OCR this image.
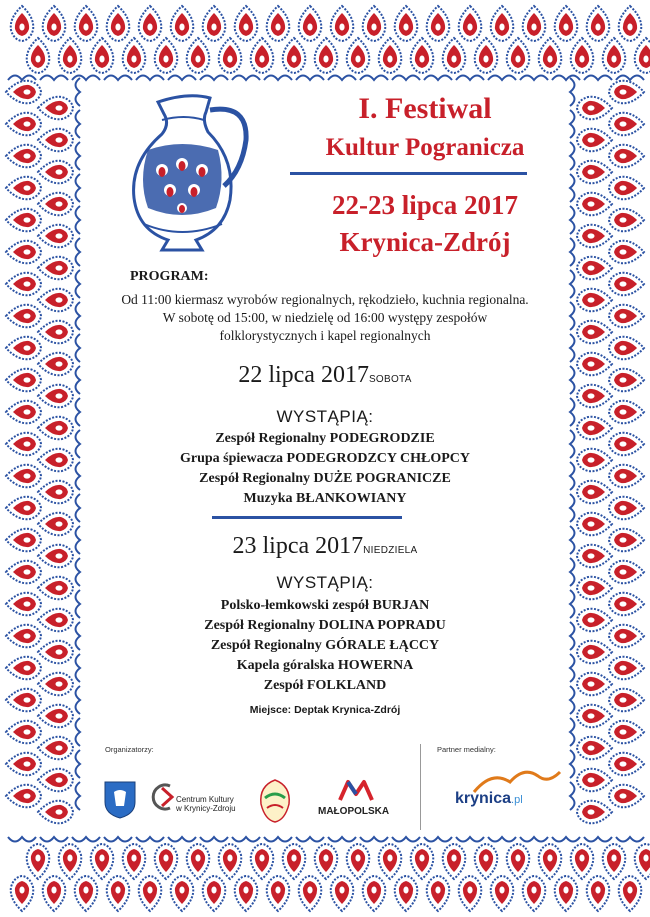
I. Festiwal
Kultur Pogranicza
22-23 lipca 2017
Krynica-Zdrój
PROGRAM:
Od 11:00 kiermasz wyrobów regionalnych, rękodzieło, kuchnia regionalna.
W sobotę od 15:00, w niedzielę od 16:00 występy zespołów
folklorystycznych i kapel regionalnych
22 lipca 2017SOBOTA
WYSTĄPIĄ:
Zespół Regionalny PODEGRODZIE
Grupa śpiewacza PODEGRODZCY CHŁOPCY
Zespół Regionalny DUŻE POGRANICZE
Muzyka BŁANKOWIANY
23 lipca 2017NIEDZIELA
WYSTĄPIĄ:
Polsko-łemkowski zespół BURJAN
Zespół Regionalny DOLINA POPRADU
Zespół Regionalny GÓRALE ŁĄCCY
Kapela góralska HOWERNA
Zespół FOLKLAND
Miejsce: Deptak Krynica-Zdrój
Organizatorzy:	Partner medialny:
Centrum Kultury
w Krynicy-Zdroju	MAŁOPOLSKA
krynica.pl
